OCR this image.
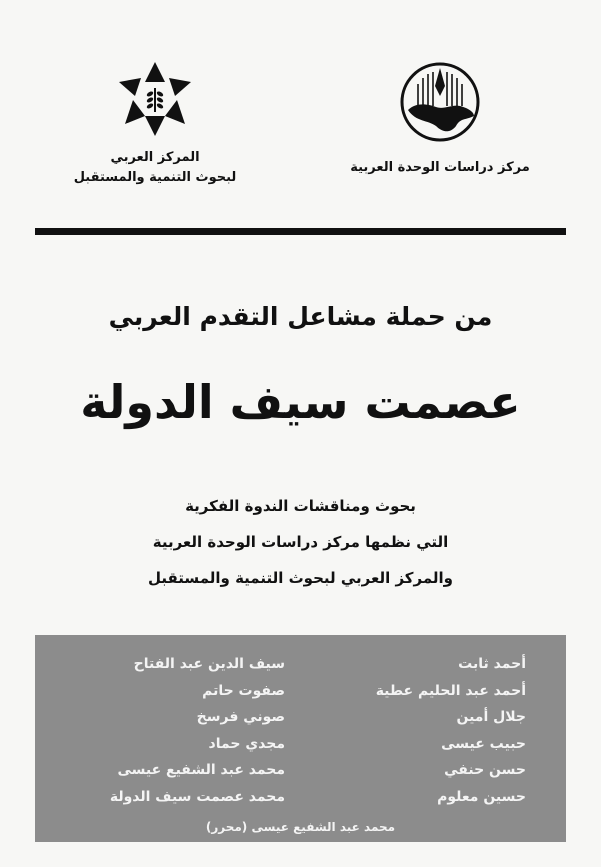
المركز العربي
لبحوث التنمية والمستقبل
مركز دراسات الوحدة العربية
من حملة مشاعل التقدم العربي
عصمت سيف الدولة
بحوث ومناقشات الندوة الفكرية
التي نظمها مركز دراسات الوحدة العربية
والمركز العربي لبحوث التنمية والمستقبل
أحمد ثابت
أحمد عبد الحليم عطية
جلال أمين
حبيب عيسى
حسن حنفي
حسين معلوم
سيف الدين عبد الفتاح
صفوت حاتم
صوني فرسخ
مجدي حماد
محمد عبد الشفيع عيسى
محمد عصمت سيف الدولة
محمد عبد الشفيع عيسى (محرر)
